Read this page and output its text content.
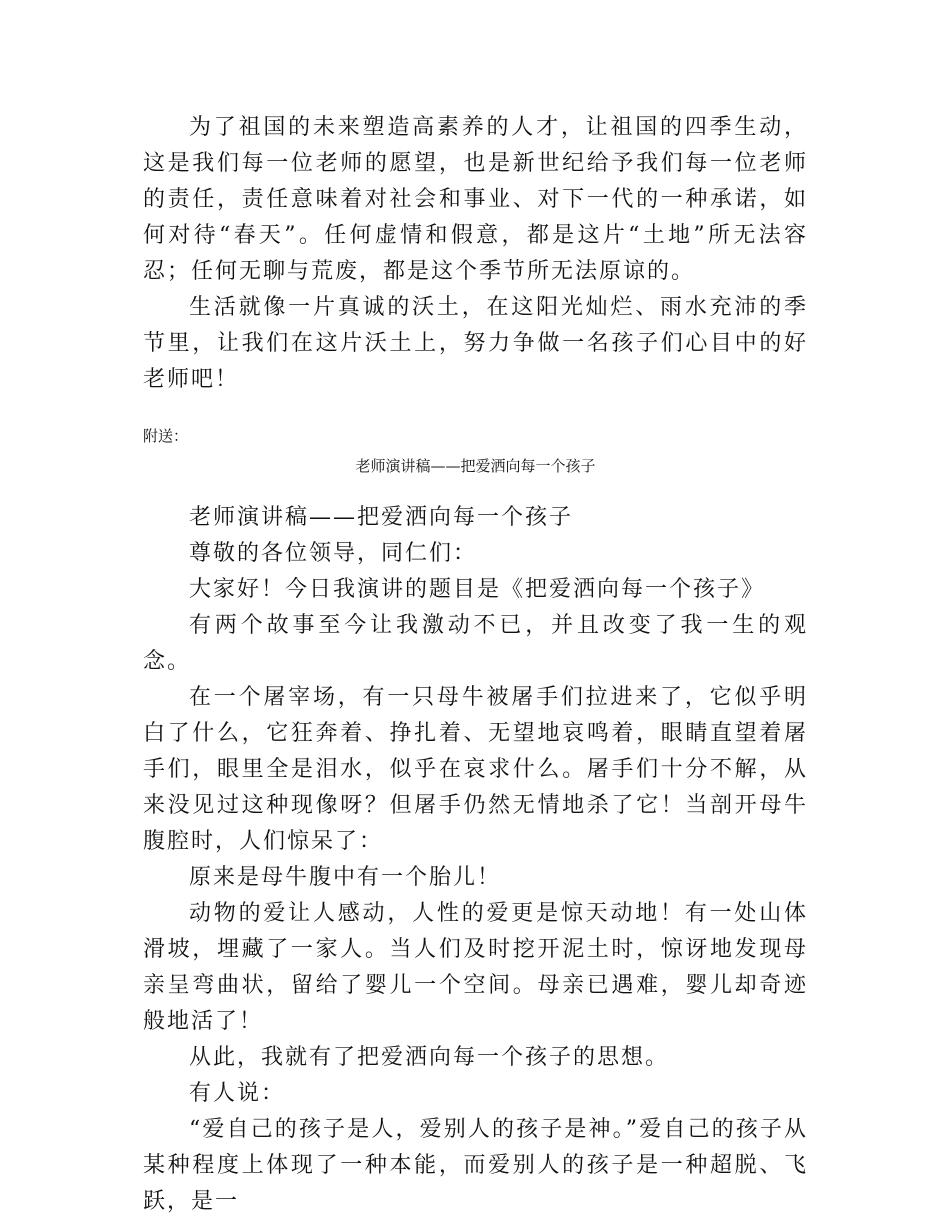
为了祖国的未来塑造高素养的人才，让祖国的四季生动，这是我们每一位老师的愿望，也是新世纪给予我们每一位老师的责任，责任意味着对社会和事业、对下一代的一种承诺，如何对待“春天”。任何虚情和假意，都是这片“土地”所无法容忍；任何无聊与荒废，都是这个季节所无法原谅的。

生活就像一片真诚的沃土，在这阳光灿烂、雨水充沛的季节里，让我们在这片沃土上，努力争做一名孩子们心目中的好老师吧！

附送：
老师演讲稿——把爱洒向每一个孩子

老师演讲稿——把爱洒向每一个孩子

尊敬的各位领导，同仁们：

大家好！今日我演讲的题目是《把爱洒向每一个孩子》

有两个故事至今让我激动不已，并且改变了我一生的观念。

在一个屠宰场，有一只母牛被屠手们拉进来了，它似乎明白了什么，它狂奔着、挣扎着、无望地哀鸣着，眼睛直望着屠手们，眼里全是泪水，似乎在哀求什么。屠手们十分不解，从来没见过这种现像呀？但屠手仍然无情地杀了它！当剖开母牛腹腔时，人们惊呆了：

原来是母牛腹中有一个胎儿！

动物的爱让人感动，人性的爱更是惊天动地！有一处山体滑坡，埋藏了一家人。当人们及时挖开泥土时，惊讶地发现母亲呈弯曲状，留给了婴儿一个空间。母亲已遇难，婴儿却奇迹般地活了！

从此，我就有了把爱洒向每一个孩子的思想。

有人说：

“爱自己的孩子是人，爱别人的孩子是神。”爱自己的孩子从某种程度上体现了一种本能，而爱别人的孩子是一种超脱、飞跃，是一
